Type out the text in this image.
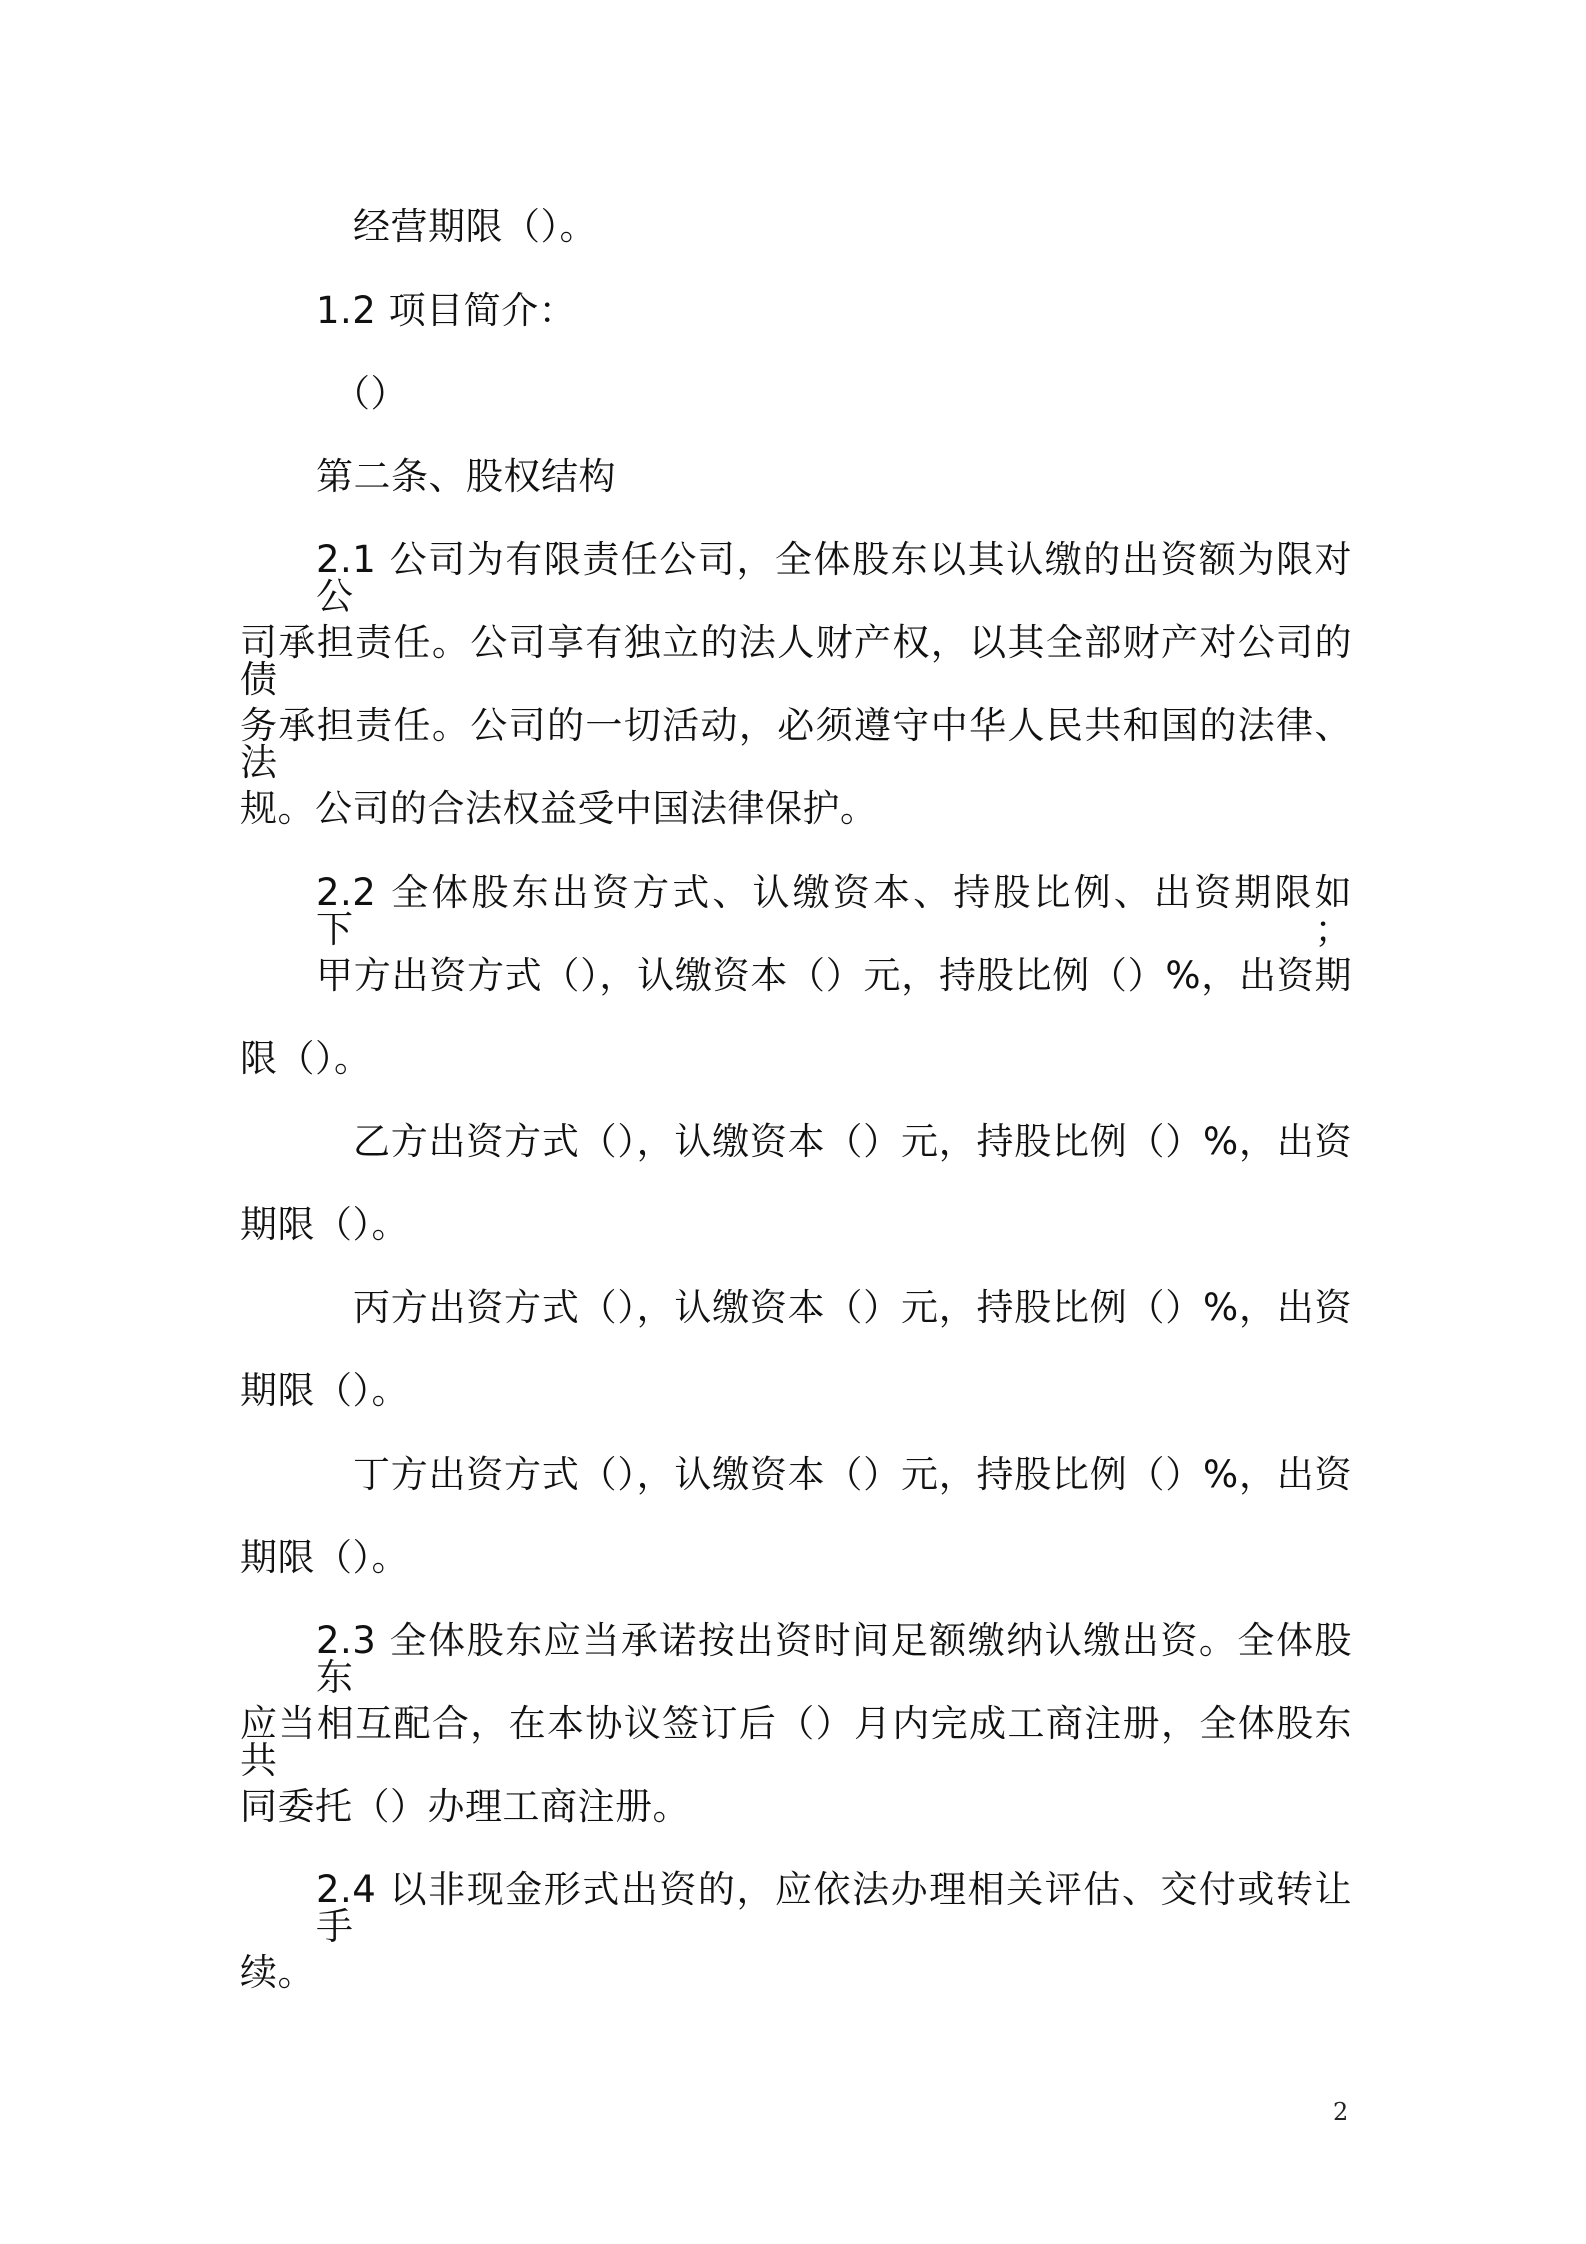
经营期限（）。
1.2 项目简介：
（）
第二条、股权结构
2.1 公司为有限责任公司，全体股东以其认缴的出资额为限对公
司承担责任。公司享有独立的法人财产权，以其全部财产对公司的债
务承担责任。公司的一切活动，必须遵守中华人民共和国的法律、法
规。公司的合法权益受中国法律保护。
2.2 全体股东出资方式、认缴资本、持股比例、出资期限如下；
甲方出资方式（），认缴资本（）元，持股比例（）%，出资期
限（）。
乙方出资方式（），认缴资本（）元，持股比例（）%，出资
期限（）。
丙方出资方式（），认缴资本（）元，持股比例（）%，出资
期限（）。
丁方出资方式（），认缴资本（）元，持股比例（）%，出资
期限（）。
2.3 全体股东应当承诺按出资时间足额缴纳认缴出资。全体股东
应当相互配合，在本协议签订后（）月内完成工商注册，全体股东共
同委托（）办理工商注册。
2.4 以非现金形式出资的，应依法办理相关评估、交付或转让手
续。
2
